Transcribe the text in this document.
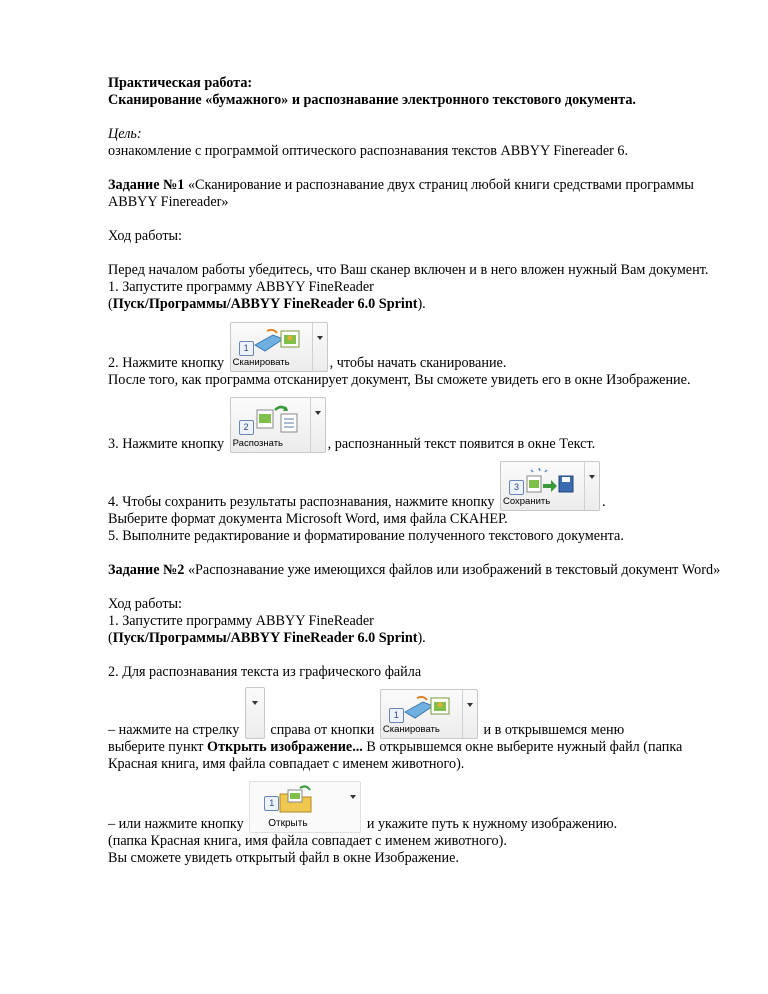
Практическая работа:
Сканирование «бумажного» и распознавание электронного текстового документа.

Цель:
ознакомление с программой оптического распознавания текстов ABBYY Finereader 6.

Задание №1 «Сканирование и распознавание двух страниц любой книги средствами программы ABBYY Finereader»

Ход работы:

Перед началом работы убедитесь, что Ваш сканер включен и в него вложен нужный Вам документ.

1. Запустите программу ABBYY FineReader
(Пуск/Программы/ABBYY FineReader 6.0 Sprint).

2. Нажмите кнопку

1

Сканировать

	, чтобы начать сканирование.

После того, как программа отсканирует документ, Вы сможете увидеть его в окне Изображение.

3. Нажмите кнопку

2

Распознать

	, распознанный текст появится в окне Текст.
4. Чтобы сохранить результаты распознавания, нажмите кнопку

3

Сохранить

	.

Выберите формат документа Microsoft Word, имя файла СКАНЕР.

5. Выполните редактирование и форматирование полученного текстового документа.

Задание №2 «Распознавание уже имеющихся файлов или изображений в текстовый документ Word»

Ход работы:

1. Запустите программу ABBYY FineReader
(Пуск/Программы/ABBYY FineReader 6.0 Sprint).

2. Для распознавания текста из графического файла

– нажмите на стрелку справа от кнопки

1

Сканировать

	и в открывшемся меню

выберите пункт Открыть изображение... В открывшемся окне выберите нужный файл (папка Красная книга, имя файла совпадает с именем животного).

– или нажмите кнопку

1

Открыть

	и укажите путь к нужному изображению.

(папка Красная книга, имя файла совпадает с именем животного).

Вы сможете увидеть открытый файл в окне Изображение.
